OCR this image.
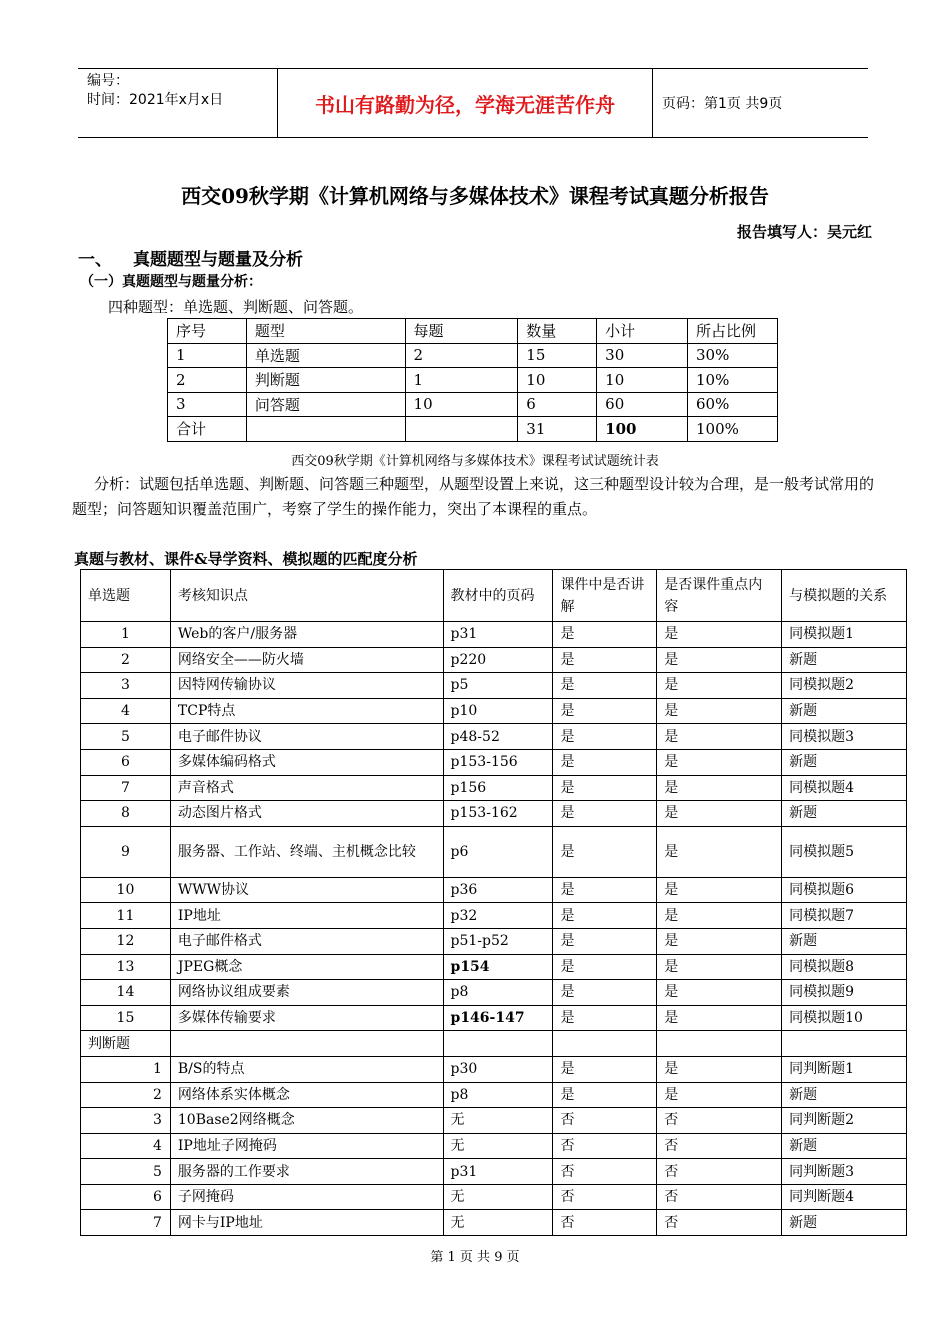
编号：
时间：2021年x月x日	书山有路勤为径，学海无涯苦作舟	页码：第1页 共9页
西交09秋学期《计算机网络与多媒体技术》课程考试真题分析报告
报告填写人：吴元红
一、 真题题型与题量及分析
（一）真题题型与题量分析：
四种题型：单选题、判断题、问答题。
序号	题型	每题	数量	小计	所占比例
1	单选题	2	15	30	30%
2	判断题	1	10	10	10%
3	问答题	10	6	60	60%
合计			31	100	100%
西交09秋学期《计算机网络与多媒体技术》课程考试试题统计表
分析：试题包括单选题、判断题、问答题三种题型，从题型设置上来说，这三种题型设计较为合理，是一般考试常用的题型；问答题知识覆盖范围广，考察了学生的操作能力，突出了本课程的重点。
真题与教材、课件&导学资料、模拟题的匹配度分析
单选题	考核知识点	教材中的页码	课件中是否讲解	是否课件重点内容	与模拟题的关系
1	Web的客户/服务器	p31	是	是	同模拟题1
2	网络安全——防火墙	p220	是	是	新题
3	因特网传输协议	p5	是	是	同模拟题2
4	TCP特点	p10	是	是	新题
5	电子邮件协议	p48-52	是	是	同模拟题3
6	多媒体编码格式	p153-156	是	是	新题
7	声音格式	p156	是	是	同模拟题4
8	动态图片格式	p153-162	是	是	新题
9	服务器、工作站、终端、主机概念比较	p6	是	是	同模拟题5
10	WWW协议	p36	是	是	同模拟题6
11	IP地址	p32	是	是	同模拟题7
12	电子邮件格式	p51-p52	是	是	新题
13	JPEG概念	p154	是	是	同模拟题8
14	网络协议组成要素	p8	是	是	同模拟题9
15	多媒体传输要求	p146-147	是	是	同模拟题10
判断题					
1	B/S的特点	p30	是	是	同判断题1
2	网络体系实体概念	p8	是	是	新题
3	10Base2网络概念	无	否	否	同判断题2
4	IP地址子网掩码	无	否	否	新题
5	服务器的工作要求	p31	否	否	同判断题3
6	子网掩码	无	否	否	同判断题4
7	网卡与IP地址	无	否	否	新题
第 1 页 共 9 页
